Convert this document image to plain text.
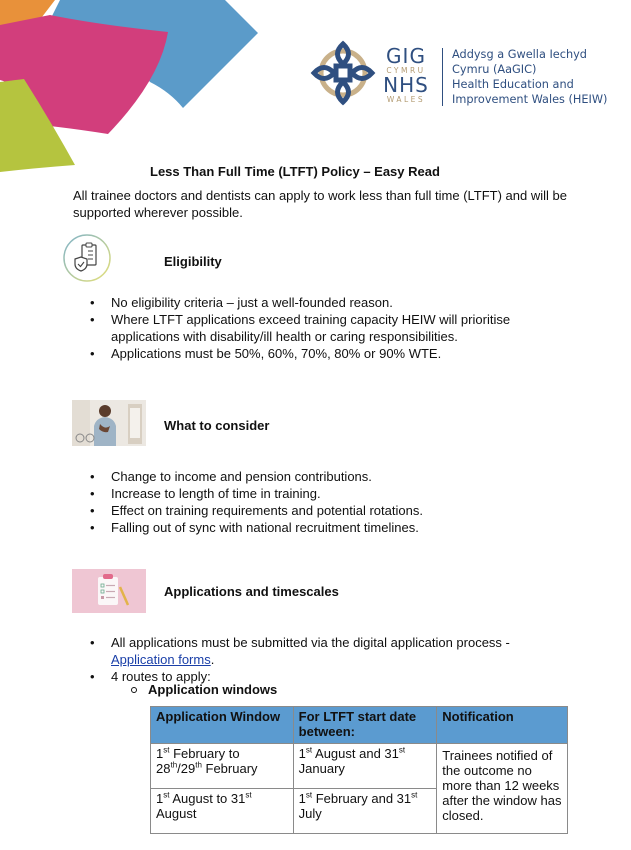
GIG
CYMRU
NHS
WALES
Addysg a Gwella Iechyd
Cymru (AaGIC)
Health Education and
Improvement Wales (HEIW)
Less Than Full Time (LTFT) Policy – Easy Read
All trainee doctors and dentists can apply to work less than full time (LTFT) and will be supported wherever possible.
Eligibility
• No eligibility criteria – just a well-founded reason.
• Where LTFT applications exceed training capacity HEIW will prioritise applications with disability/ill health or caring responsibilities.
• Applications must be 50%, 60%, 70%, 80% or 90% WTE.
What to consider
• Change to income and pension contributions.
• Increase to length of time in training.
• Effect on training requirements and potential rotations.
• Falling out of sync with national recruitment timelines.
Applications and timescales
• All applications must be submitted via the digital application process - Application forms.
• 4 routes to apply:
Application windows
Application Window	For LTFT start date between:	Notification
1st February to
28th/29th February	1st August and 31st
January	Trainees notified of the outcome no more than 12 weeks after the window has closed.
1st August to 31st
August	1st February and 31st
July	
